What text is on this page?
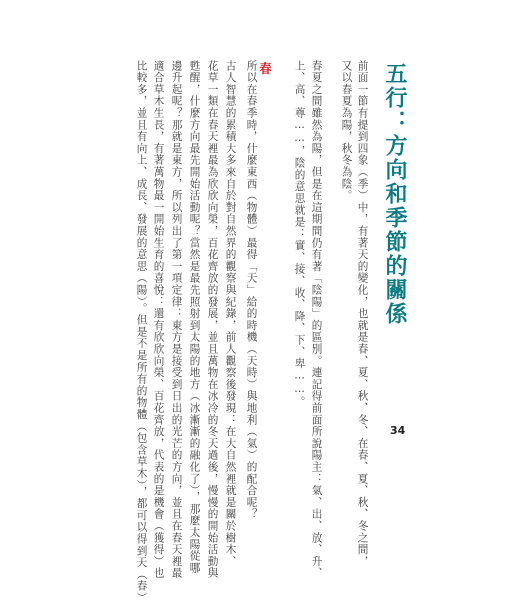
五行：方向和季節的關係
前面一節有提到四象（季）中，有著天的變化，也就是春、夏、秋、冬、在春、夏、秋、冬之間，
又以春夏為陽，秋冬為陰。
春夏之間雖然為陽，但是在這期間仍有著「陰陽」的區別。連記得前面所說陽主：氣、出、放、升、
上、高、尊……，陰的意思就是：實、接、收、降、下、卑……。
春
所以在春季時，什麼東西（物體）最得「天」給的時機（天時）與地利（氣）的配合呢？
古人智慧的累積大多來自於對自然界的觀察與紀錄，前人觀察後發現：在大自然裡就是關於樹木、
花草一類在春天裡最為欣欣向榮，百花齊放的發展，並且萬物在冰冷的冬天過後，慢慢的開始活動與
甦醒，什麼方向最先開始活動呢？當然是最先照射到太陽的地方（冰漸漸的融化了），那麼太陽從哪
邊升起呢？那就是東方，所以列出了第一項定律：東方是接受到日出的光芒的方向，並且在春天裡最
適合草木生長，有著萬物最一開始生育的喜悅：還有欣欣向榮、百花齊放，代表的是機會（獲得）也
比較多，並且有向上、成長、發展的意思（陽）。但是不是所有的物體（包含草木），都可以得到天（春）	34
